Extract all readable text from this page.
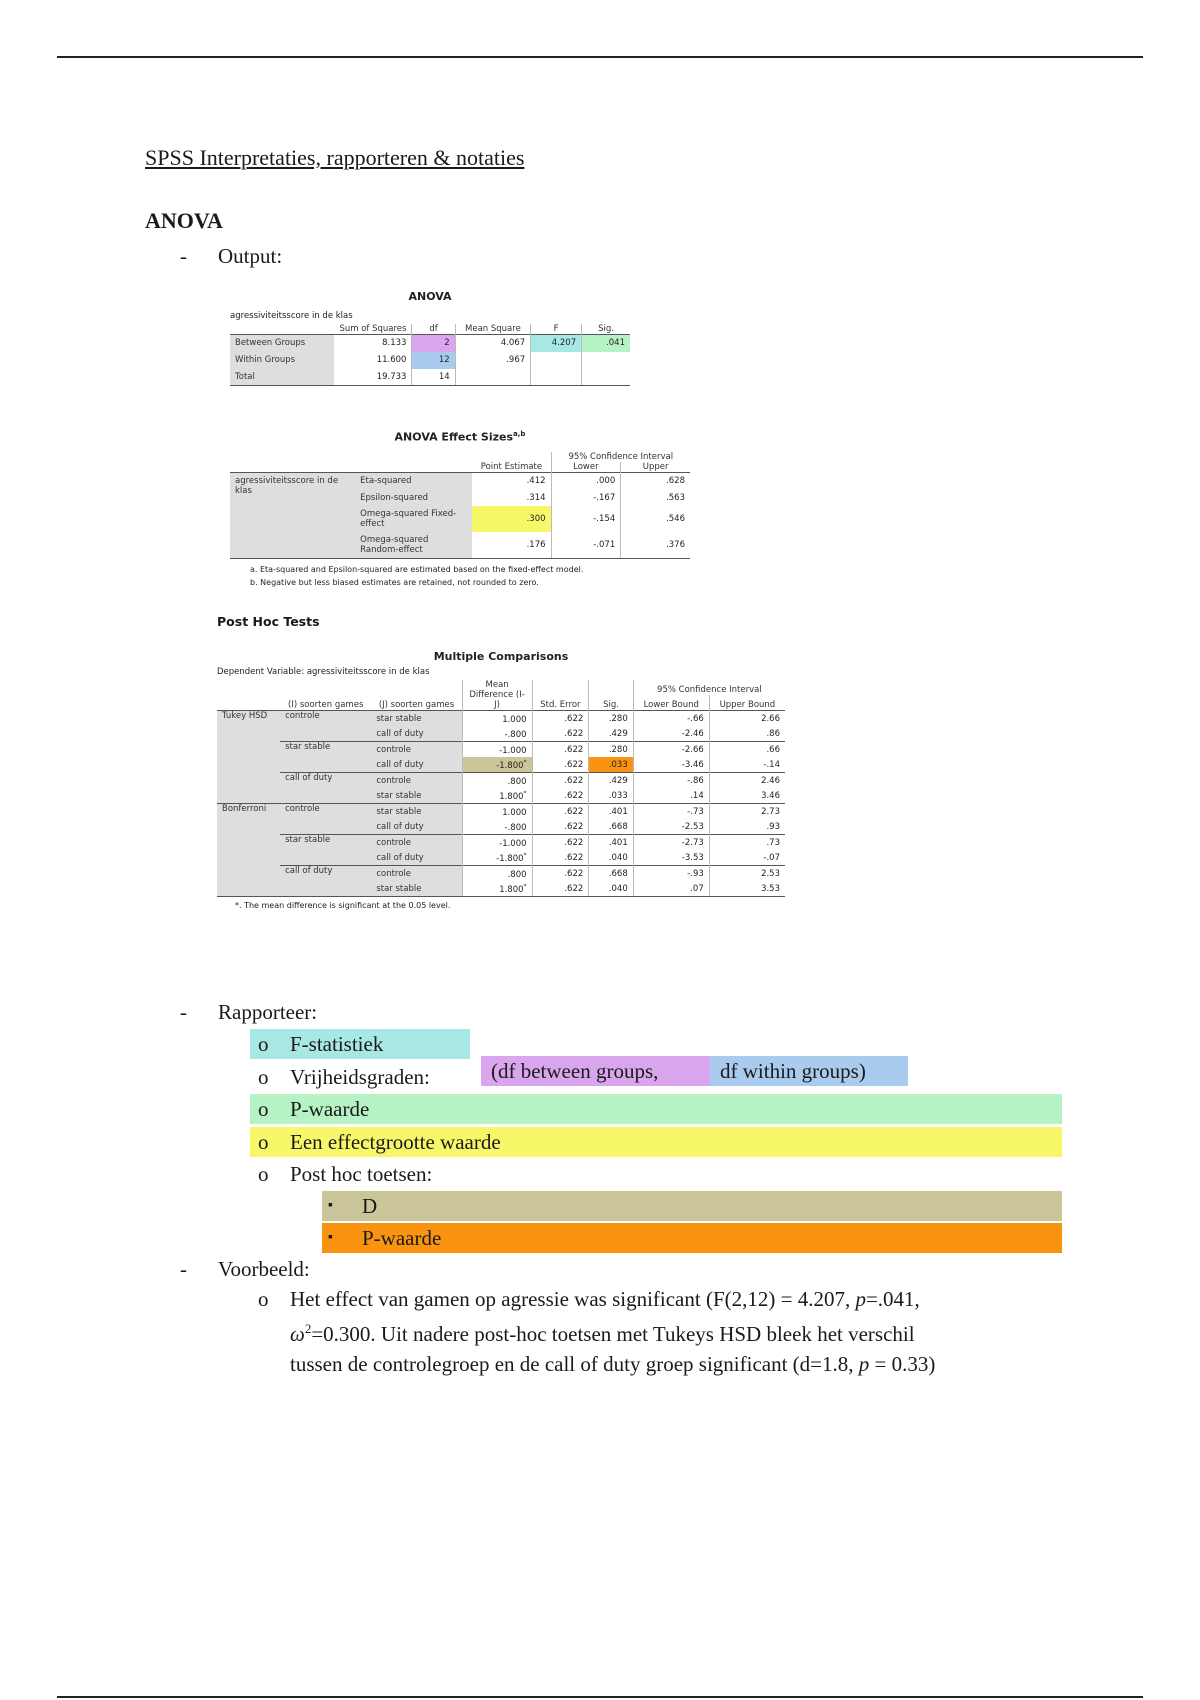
SPSS Interpretaties, rapporteren & notaties
ANOVA
- Output:
ANOVA
agressiviteitsscore in de klas
	Sum of Squares	df	Mean Square	F	Sig.
Between Groups	8.133	2	4.067	4.207	.041
Within Groups	11.600	12	.967		
Total	19.733	14			
ANOVA Effect Sizes$^{a,b}$
		Point Estimate	95% Confidence Interval	
			Lower	Upper
agressiviteitsscore in de klas	Eta-squared	.412	.000	.628
	Epsilon-squared	.314	-.167	.563
	Omega-squared Fixed-effect	.300	-.154	.546
	Omega-squared Random-effect	.176	-.071	.376
a. Eta-squared and Epsilon-squared are estimated based on the fixed-effect model.
b. Negative but less biased estimates are retained, not rounded to zero.
Post Hoc Tests
Multiple Comparisons
Dependent Variable: agressiviteitsscore in de klas
	(I) soorten games	(J) soorten games	Mean Difference (I-J)	Std. Error	Sig.	95% Confidence Interval	
						Lower Bound	Upper Bound
Tukey HSD	controle	star stable	1.000	.622	.280	-.66	2.66
		call of duty	-.800	.622	.429	-2.46	.86
	star stable	controle	-1.000	.622	.280	-2.66	.66
		call of duty	-1.800*	.622	.033	-3.46	-.14
	call of duty	controle	.800	.622	.429	-.86	2.46
		star stable	1.800*	.622	.033	.14	3.46
Bonferroni	controle	star stable	1.000	.622	.401	-.73	2.73
		call of duty	-.800	.622	.668	-2.53	.93
	star stable	controle	-1.000	.622	.401	-2.73	.73
		call of duty	-1.800*	.622	.040	-3.53	-.07
	call of duty	controle	.800	.622	.668	-.93	2.53
		star stable	1.800*	.622	.040	.07	3.53
*. The mean difference is significant at the 0.05 level.
- Rapporteer:
o F-statistiek
o Vrijheidsgraden:	(df between groups,	df within groups)
o P-waarde
o Een effectgrootte waarde
o Post hoc toetsen:
▪ D
▪ P-waarde
- Voorbeeld:
o	Het effect van gamen op agressie was significant (F(2,12) = 4.207, p=.041,
$\omega^2=0.300$. Uit nadere post-hoc toetsen met Tukeys HSD bleek het verschil
tussen de controlegroep en de call of duty groep significant (d=1.8, p = 0.33)
